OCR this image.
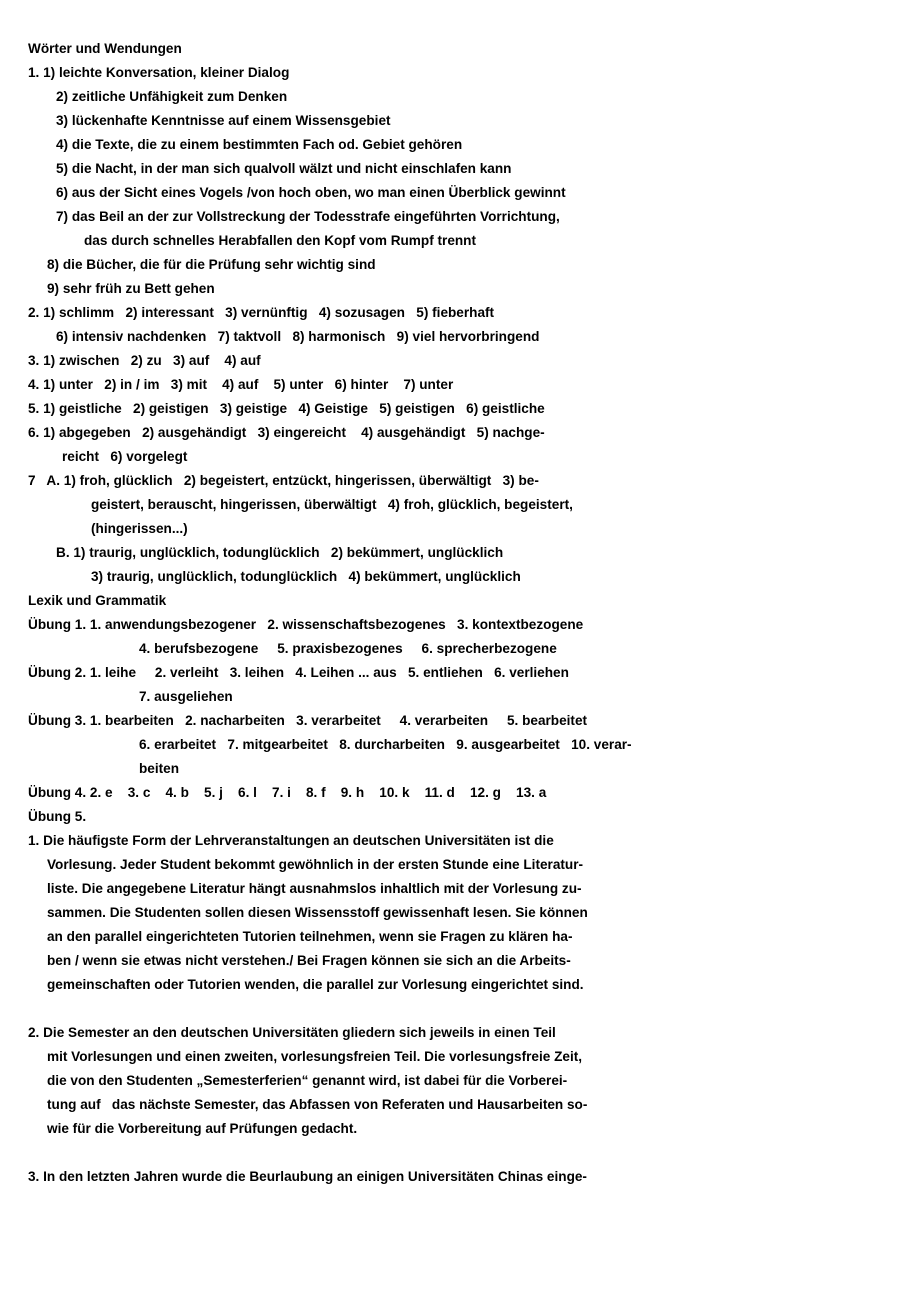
Wörter und Wendungen
1. 1) leichte Konversation, kleiner Dialog
2) zeitliche Unfähigkeit zum Denken
3) lückenhafte Kenntnisse auf einem Wissensgebiet
4) die Texte, die zu einem bestimmten Fach od. Gebiet gehören
5) die Nacht, in der man sich qualvoll wälzt und nicht einschlafen kann
6) aus der Sicht eines Vogels /von hoch oben, wo man einen Überblick gewinnt
7) das Beil an der zur Vollstreckung der Todesstrafe eingeführten Vorrichtung,
das durch schnelles Herabfallen den Kopf vom Rumpf trennt
8) die Bücher, die für die Prüfung sehr wichtig sind
9) sehr früh zu Bett gehen
2. 1) schlimm   2) interessant   3) vernünftig   4) sozusagen   5) fieberhaft
6) intensiv nachdenken   7) taktvoll   8) harmonisch   9) viel hervorbringend
3. 1) zwischen   2) zu   3) auf    4) auf
4. 1) unter   2) in / im   3) mit    4) auf    5) unter   6) hinter    7) unter
5. 1) geistliche   2) geistigen   3) geistige   4) Geistige   5) geistigen   6) geistliche
6. 1) abgegeben   2) ausgehändigt   3) eingereicht    4) ausgehändigt   5) nachge-
reicht   6) vorgelegt
7   A. 1) froh, glücklich   2) begeistert, entzückt, hingerissen, überwältigt   3) be-
geistert, berauscht, hingerissen, überwältigt   4) froh, glücklich, begeistert,
(hingerissen...)
B. 1) traurig, unglücklich, todunglücklich   2) bekümmert, unglücklich
3) traurig, unglücklich, todunglücklich   4) bekümmert, unglücklich
Lexik und Grammatik
Übung 1. 1. anwendungsbezogener   2. wissenschaftsbezogenes   3. kontextbezogene
4. berufsbezogene     5. praxisbezogenes     6. sprecherbezogene
Übung 2. 1. leihe     2. verleiht   3. leihen   4. Leihen ... aus   5. entliehen   6. verliehen
7. ausgeliehen
Übung 3. 1. bearbeiten   2. nacharbeiten   3. verarbeitet     4. verarbeiten     5. bearbeitet
6. erarbeitet   7. mitgearbeitet   8. durcharbeiten   9. ausgearbeitet   10. verar-
beiten
Übung 4. 2. e    3. c    4. b    5. j    6. l    7. i    8. f    9. h    10. k    11. d    12. g    13. a
Übung 5.
1. Die häufigste Form der Lehrveranstaltungen an deutschen Universitäten ist die
Vorlesung. Jeder Student bekommt gewöhnlich in der ersten Stunde eine Literatur-
liste. Die angegebene Literatur hängt ausnahmslos inhaltlich mit der Vorlesung zu-
sammen. Die Studenten sollen diesen Wissensstoff gewissenhaft lesen. Sie können
an den parallel eingerichteten Tutorien teilnehmen, wenn sie Fragen zu klären ha-
ben / wenn sie etwas nicht verstehen./ Bei Fragen können sie sich an die Arbeits-
gemeinschaften oder Tutorien wenden, die parallel zur Vorlesung eingerichtet sind.
2. Die Semester an den deutschen Universitäten gliedern sich jeweils in einen Teil
mit Vorlesungen und einen zweiten, vorlesungsfreien Teil. Die vorlesungsfreie Zeit,
die von den Studenten „Semesterferien“ genannt wird, ist dabei für die Vorberei-
tung auf   das nächste Semester, das Abfassen von Referaten und Hausarbeiten so-
wie für die Vorbereitung auf Prüfungen gedacht.
3. In den letzten Jahren wurde die Beurlaubung an einigen Universitäten Chinas einge-
